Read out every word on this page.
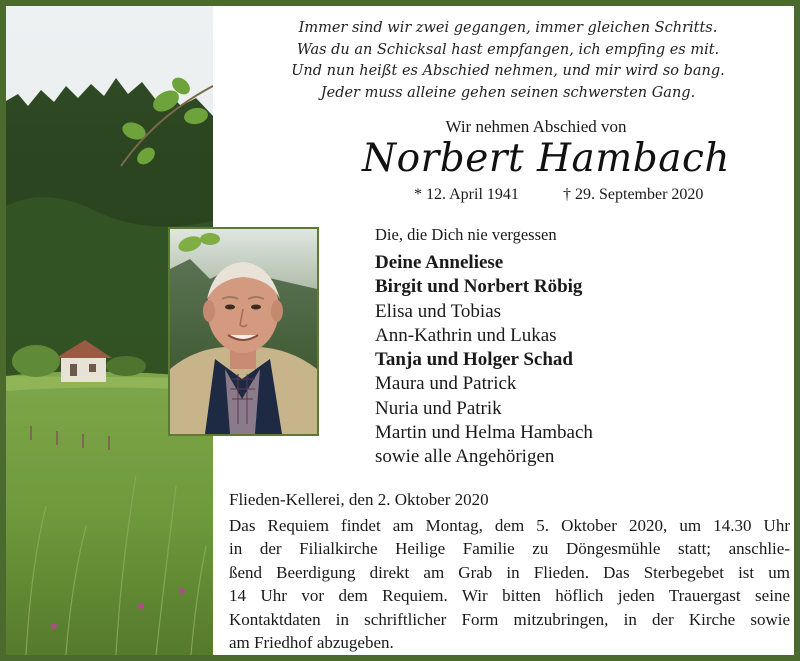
Immer sind wir zwei gegangen, immer gleichen Schritts.
Was du an Schicksal hast empfangen, ich empfing es mit.
Und nun heißt es Abschied nehmen, und mir wird so bang.
Jeder muss alleine gehen seinen schwersten Gang.
Wir nehmen Abschied von
Norbert Hambach
* 12. April 1941	† 29. September 2020
Die, die Dich nie vergessen
Deine Anneliese
Birgit und Norbert Röbig
Elisa und Tobias
Ann-Kathrin und Lukas
Tanja und Holger Schad
Maura und Patrick
Nuria und Patrik
Martin und Helma Hambach
sowie alle Angehörigen
Flieden-Kellerei, den 2. Oktober 2020
Das Requiem findet am Montag, dem 5. Oktober 2020, um 14.30 Uhr
in der Filialkirche Heilige Familie zu Döngesmühle statt; anschlie-
ßend Beerdigung direkt am Grab in Flieden. Das Sterbegebet ist um
14 Uhr vor dem Requiem. Wir bitten höflich jeden Trauergast seine
Kontaktdaten in schriftlicher Form mitzubringen, in der Kirche sowie
am Friedhof abzugeben.
